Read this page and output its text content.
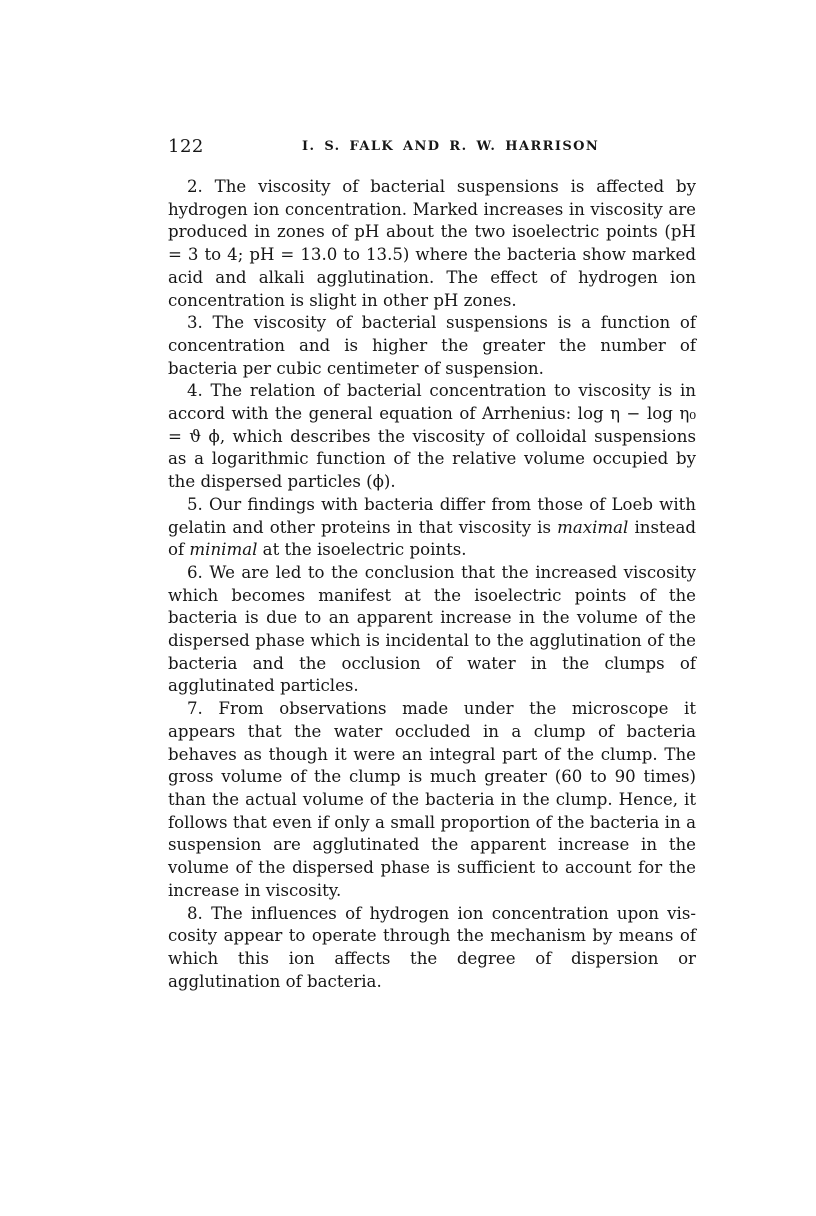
122	I. S. FALK AND R. W. HARRISON

2. The viscosity of bacterial suspensions is affected by hydrogen ion concentration. Marked increases in viscosity are produced in zones of pH about the two isoelectric points (pH = 3 to 4; pH = 13.0 to 13.5) where the bacteria show marked acid and alkali agglutination. The effect of hydrogen ion concentration is slight in other pH zones.

3. The viscosity of bacterial suspensions is a function of concentration and is higher the greater the number of bacteria per cubic centimeter of suspension.

4. The relation of bacterial concentration to viscosity is in accord with the general equation of Arrhenius: log η − log η₀ = ϑ ϕ, which describes the viscosity of colloidal suspensions as a logarithmic function of the relative volume occupied by the dispersed particles (ϕ).

5. Our findings with bacteria differ from those of Loeb with gelatin and other proteins in that viscosity is maximal instead of minimal at the isoelectric points.

6. We are led to the conclusion that the increased viscosity which becomes manifest at the isoelectric points of the bacteria is due to an apparent increase in the volume of the dispersed phase which is incidental to the agglutination of the bacteria and the occlusion of water in the clumps of agglutinated particles.

7. From observations made under the microscope it appears that the water occluded in a clump of bacteria behaves as though it were an integral part of the clump. The gross volume of the clump is much greater (60 to 90 times) than the actual volume of the bacteria in the clump. Hence, it follows that even if only a small proportion of the bacteria in a suspension are agglutinated the apparent increase in the volume of the dispersed phase is sufficient to account for the increase in viscosity.

8. The influences of hydrogen ion concentration upon viscosity appear to operate through the mechanism by means of which this ion affects the degree of dispersion or agglutination of bacteria.
